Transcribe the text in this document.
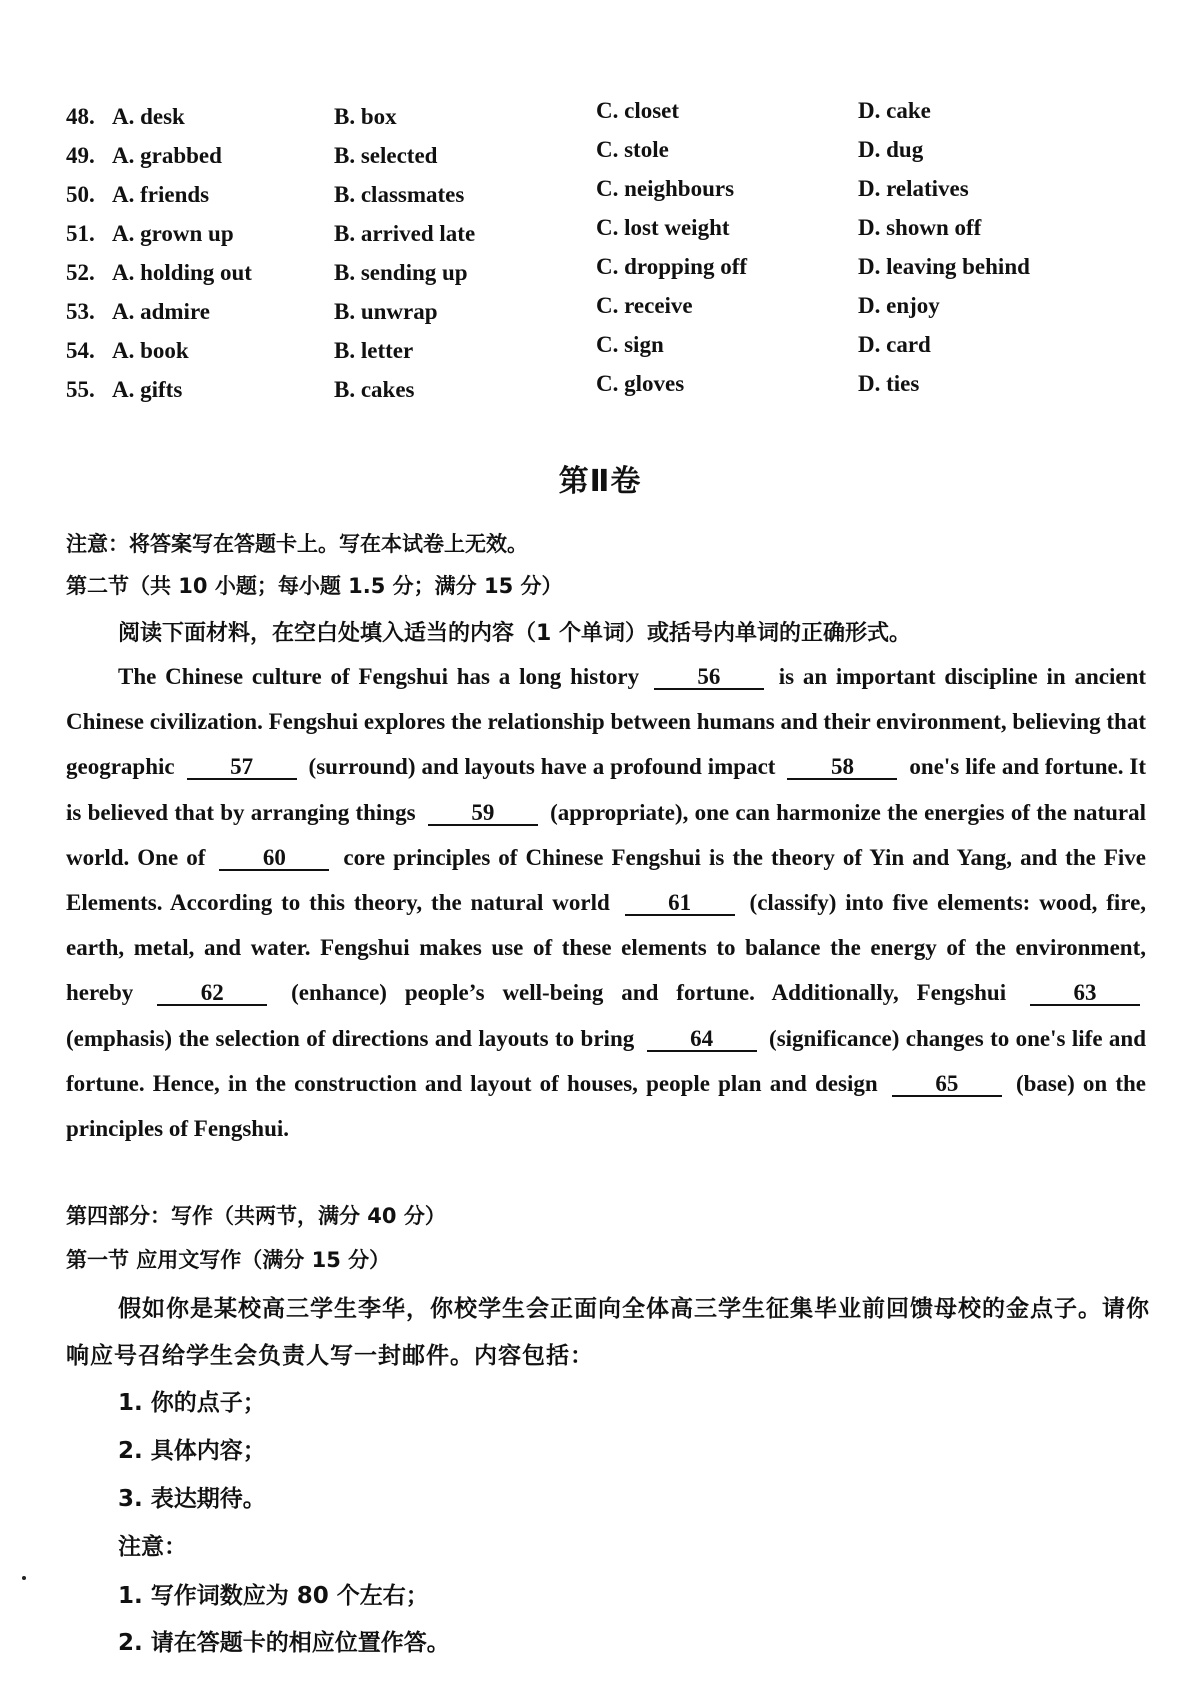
48. A. desk	B. box	C. closet	D. cake
49. A. grabbed	B. selected	C. stole	D. dug
50. A. friends	B. classmates	C. neighbours	D. relatives
51. A. grown up	B. arrived late	C. lost weight	D. shown off
52. A. holding out	B. sending up	C. dropping off	D. leaving behind
53. A. admire	B. unwrap	C. receive	D. enjoy
54. A. book	B. letter	C. sign	D. card
55. A. gifts	B. cakes	C. gloves	D. ties
第Ⅱ卷
注意：将答案写在答题卡上。写在本试卷上无效。
第二节（共 10 小题；每小题 1.5 分；满分 15 分）
阅读下面材料，在空白处填入适当的内容（1 个单词）或括号内单词的正确形式。
The Chinese culture of Fengshui has a long history	56	is an important discipline in ancient Chinese civilization. Fengshui explores the relationship between humans and their environment, believing that geographic 57 (surround) and layouts have a profound impact 58 one's life and fortune. It is believed that by arranging things 59 (appropriate), one can harmonize the energies of the natural world. One of	60	core principles of Chinese Fengshui is the theory of Yin and Yang, and the Five Elements. According to this theory, the natural world	61	(classify) into five elements: wood, fire, earth, metal, and water. Fengshui makes use of these elements to balance the energy of the environment, hereby	62	(enhance) people’s well-being and fortune. Additionally, Fengshui	63 (emphasis) the selection of directions and layouts to bring 64 (significance) changes to one's life and fortune. Hence, in the construction and layout of houses, people plan and design	65	(base) on the principles of Fengshui.
第四部分：写作（共两节，满分 40 分）
第一节 应用文写作（满分 15 分）
假如你是某校高三学生李华，你校学生会正面向全体高三学生征集毕业前回馈母校的金点子。请你响应号召给学生会负责人写一封邮件。内容包括：
1. 你的点子；
2. 具体内容；
3. 表达期待。
注意：
1. 写作词数应为 80 个左右；
2. 请在答题卡的相应位置作答。
